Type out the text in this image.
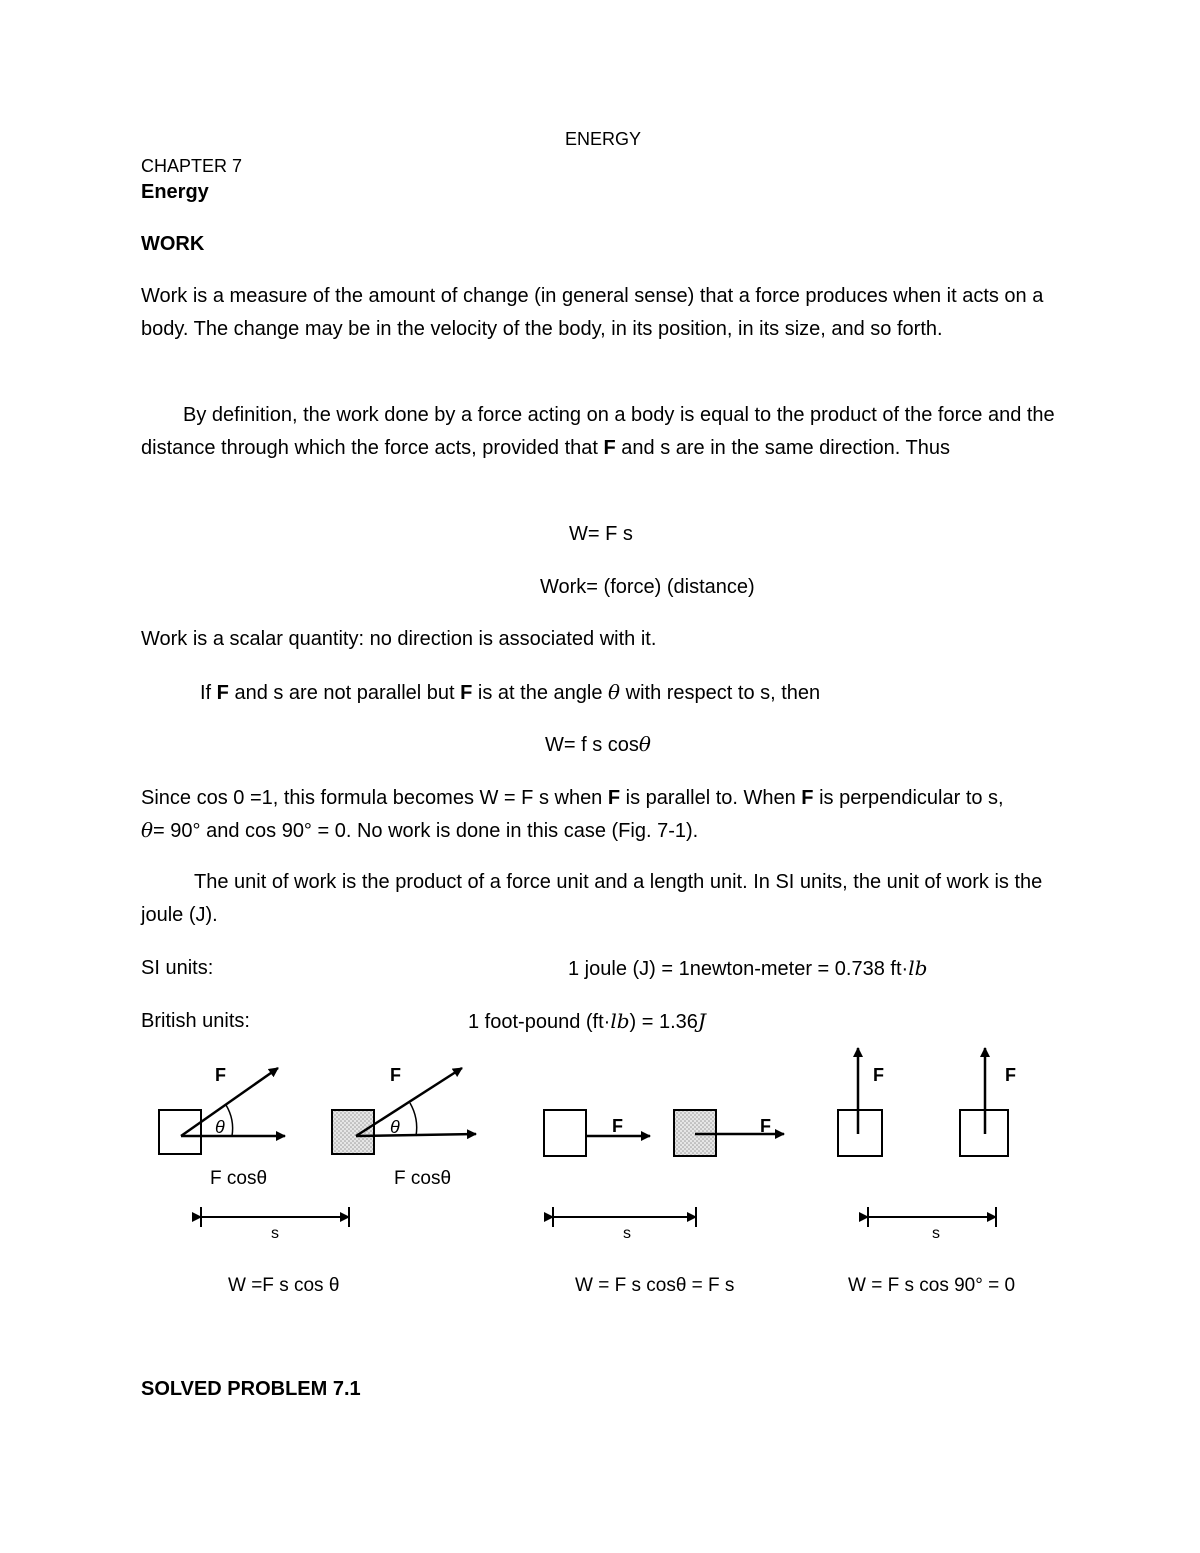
ENERGY
CHAPTER 7
Energy
WORK
Work is a measure of the amount of change (in general sense) that a force produces when it acts on a body. The change may be in the velocity of the body, in its position, in its size, and so forth.
By definition, the work done by a force acting on a body is equal to the product of the force and the distance through which the force acts, provided that F and s are in the same direction. Thus
W= F s
Work= (force) (distance)
Work is a scalar quantity: no direction is associated with it.
If F and s are not parallel but F is at the angle θ with respect to s, then
W= f s cosθ
Since cos 0 =1, this formula becomes W = F s when F is parallel to. When F is perpendicular to s,
θ= 90° and cos 90° = 0. No work is done in this case (Fig. 7-1).
The unit of work is the product of a force unit and a length unit. In SI units, the unit of work is the joule (J).
SI units:	1 joule (J) = 1newton-meter = 0.738 ft·lb
British units:	1 foot-pound (ft·lb) = 1.36J
F
θ
F
θ
F cosθ	F cosθ
s
W =F s cos θ
F	F
s
W = F s cosθ = F s
F	F
s
W = F s cos 90° = 0
SOLVED PROBLEM 7.1
